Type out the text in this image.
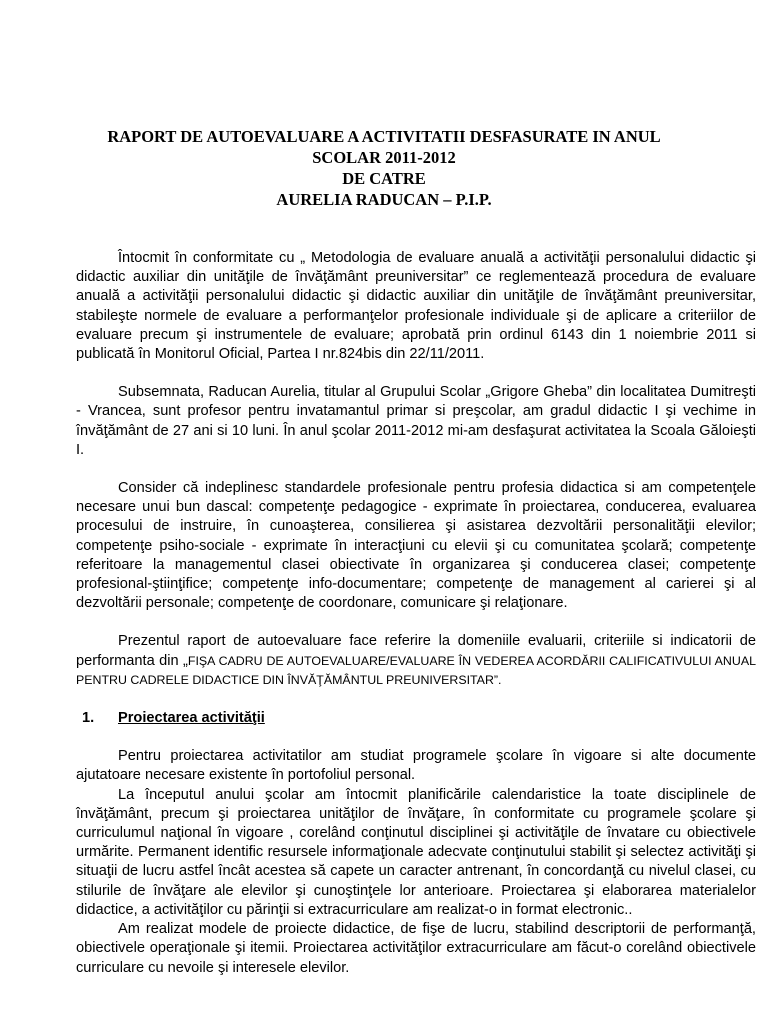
RAPORT DE AUTOEVALUARE A ACTIVITATII DESFASURATE IN ANUL
SCOLAR 2011-2012
DE CATRE
AURELIA RADUCAN – P.I.P.

Întocmit în conformitate cu „ Metodologia de evaluare anuală a activităţii personalului didactic şi didactic auxiliar din unităţile de învăţământ preuniversitar” ce reglementează procedura de evaluare anuală a activităţii personalului didactic şi didactic auxiliar din unităţile de învăţământ preuniversitar, stabileşte normele de evaluare a performanţelor profesionale individuale şi de aplicare a criteriilor de evaluare precum şi instrumentele de evaluare; aprobată prin ordinul 6143 din 1 noiembrie 2011 si publicată în Monitorul Oficial, Partea I nr.824bis din 22/11/2011.

Subsemnata, Raducan Aurelia, titular al Grupului Scolar „Grigore Gheba” din localitatea Dumitreşti - Vrancea, sunt profesor pentru invatamantul primar si preşcolar, am gradul didactic I şi vechime in învăţământ de 27 ani si 10 luni. În anul şcolar 2011-2012 mi-am desfaşurat activitatea la Scoala Găloieşti I.

Consider că indeplinesc standardele profesionale pentru profesia didactica si am competenţele necesare unui bun dascal: competenţe pedagogice - exprimate în proiectarea, conducerea, evaluarea procesului de instruire, în cunoaşterea, consilierea şi asistarea dezvoltării personalităţii elevilor; competenţe psiho-sociale - exprimate în interacţiuni cu elevii şi cu comunitatea şcolară; competenţe referitoare la managementul clasei obiectivate în organizarea şi conducerea clasei; competenţe profesional-ştiinţifice; competenţe info-documentare; competenţe de management al carierei şi al dezvoltării personale; competenţe de coordonare, comunicare şi relaţionare.

Prezentul raport de autoevaluare face referire la domeniile evaluarii, criteriile si indicatorii de performanta din „FIŞA CADRU DE AUTOEVALUARE/EVALUARE ÎN VEDEREA ACORDĂRII CALIFICATIVULUI ANUAL PENTRU CADRELE DIDACTICE DIN ÎNVĂŢĂMÂNTUL PREUNIVERSITAR”.

1. Proiectarea activităţii

Pentru proiectarea activitatilor am studiat programele şcolare în vigoare si alte documente ajutatoare necesare existente în portofoliul personal.

La începutul anului şcolar am întocmit planificările calendaristice la toate disciplinele de învăţământ, precum şi proiectarea unităţilor de învăţare, în conformitate cu programele şcolare şi curriculumul naţional în vigoare , corelând conţinutul disciplinei şi activităţile de învatare cu obiectivele urmărite. Permanent identific resursele informaţionale adecvate conţinutului stabilit şi selectez activităţi şi situaţii de lucru astfel încât acestea să capete un caracter antrenant, în concordanţă cu nivelul clasei, cu stilurile de învăţare ale elevilor şi cunoştinţele lor anterioare. Proiectarea şi elaborarea materialelor didactice, a activităţilor cu părinţii si extracurriculare am realizat-o in format electronic..

Am realizat modele de proiecte didactice, de fişe de lucru, stabilind descriptorii de performanţă, obiectivele operaţionale şi itemii. Proiectarea activităţilor extracurriculare am făcut-o corelând obiectivele curriculare cu nevoile şi interesele elevilor.
